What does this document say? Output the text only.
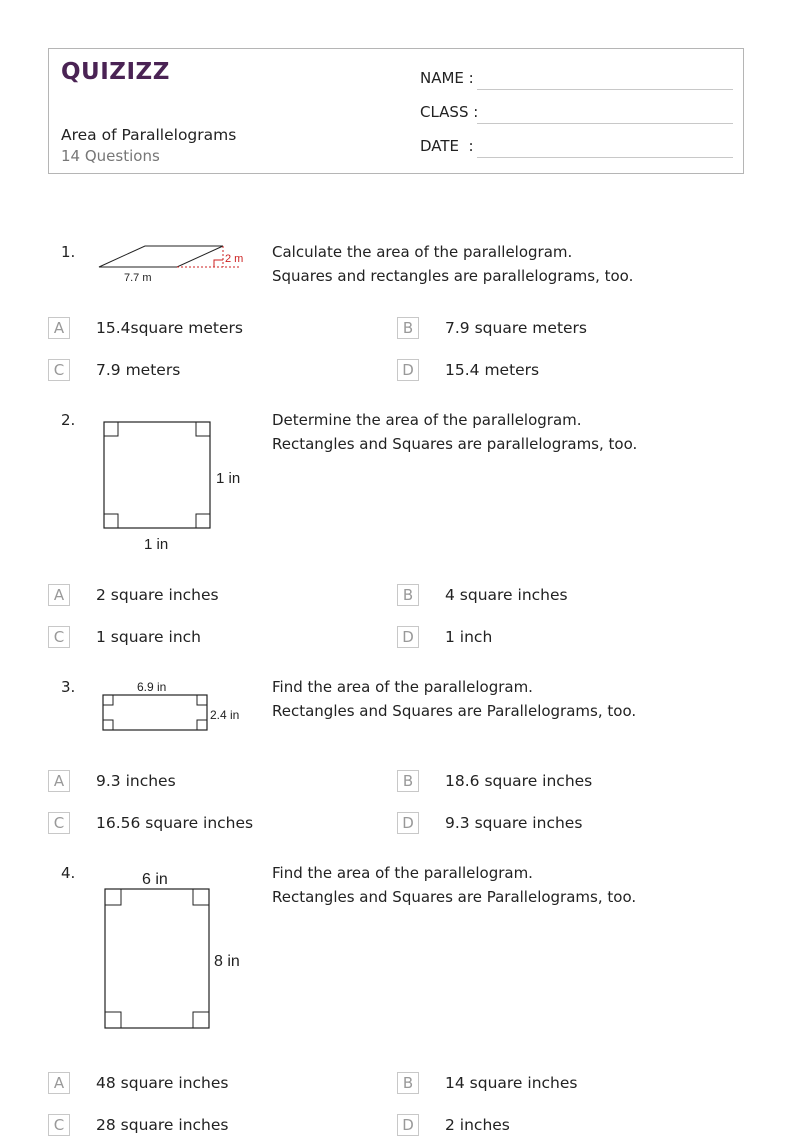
QUIZIZZ
Area of Parallelograms
14 Questions
NAME :
CLASS :
DATE  :
1.
7.7 m
2 m Calculate the area of the parallelogram.
Squares and rectangles are parallelograms, too.
A	15.4square meters	B	7.9 square meters
C	7.9 meters	D	15.4 meters
2.
1 in
1 in
Determine the area of the parallelogram.
Rectangles and Squares are parallelograms, too.
A	2 square inches	B	4 square inches
C	1 square inch	D	1 inch
3.	6.9 in
2.4 in
Find the area of the parallelogram.
Rectangles and Squares are Parallelograms, too.
A	9.3 inches	B	18.6 square inches
C	16.56 square inches	D	9.3 square inches
4.	6 in
8 in
Find the area of the parallelogram.
Rectangles and Squares are Parallelograms, too.
A	48 square inches	B	14 square inches
C	28 square inches	D	2 inches
